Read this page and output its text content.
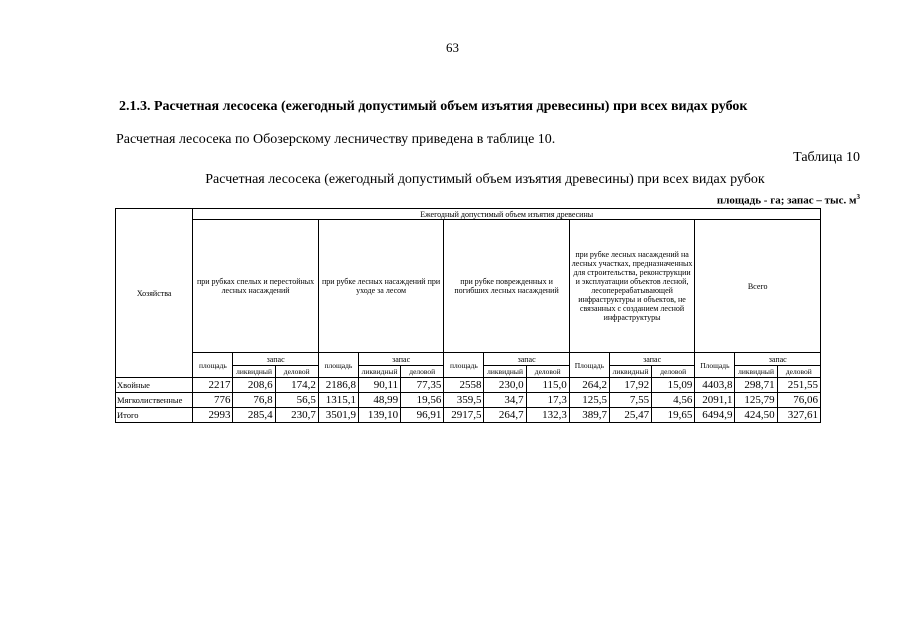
63
2.1.3. Расчетная лесосека (ежегодный допустимый объем изъятия древесины) при всех видах рубок
Расчетная лесосека по Обозерскому лесничеству приведена в таблице 10.
Таблица 10
Расчетная лесосека (ежегодный допустимый объем изъятия древесины) при всех видах рубок
площадь - га; запас – тыс. $м^3$
Хозяйства	Ежегодный допустимый объем изъятия древесины														
	при рубках спелых и перестойных лесных насаждений			при рубке лесных насаждений при уходе за лесом			при рубке поврежденных и погибших лесных насаждений			при рубке лесных насаждений на лесных участках, предназначенных для строительства, реконструкции и эксплуатации объектов лесной, лесоперерабатывающей инфраструктуры и объектов, не связанных с созданием лесной инфраструктуры			Всего		
	площадь	запас		площадь	запас		площадь	запас		Площадь	запас		Площадь	запас	
		ликвидный	деловой		ликвидный	деловой		ликвидный	деловой		ликвидный	деловой		ликвидный	деловой
Хвойные	2217	208,6	174,2	2186,8	90,11	77,35	2558	230,0	115,0	264,2	17,92	15,09	4403,8	298,71	251,55
Мягколиственные	776	76,8	56,5	1315,1	48,99	19,56	359,5	34,7	17,3	125,5	7,55	4,56	2091,1	125,79	76,06
Итого	2993	285,4	230,7	3501,9	139,10	96,91	2917,5	264,7	132,3	389,7	25,47	19,65	6494,9	424,50	327,61
